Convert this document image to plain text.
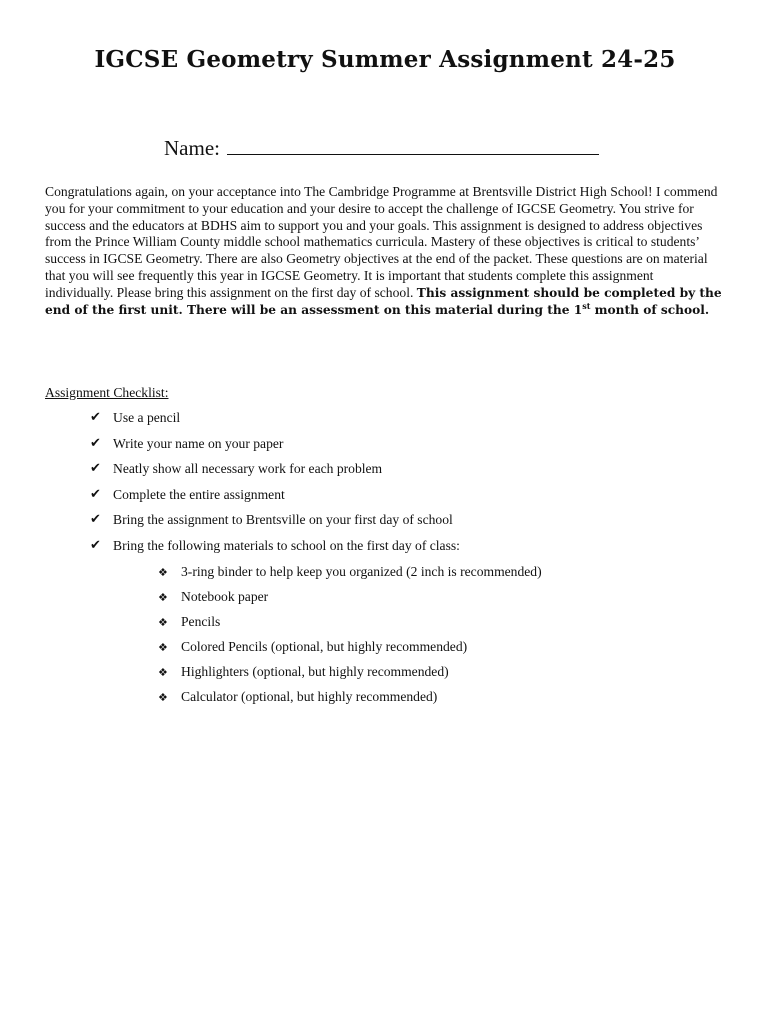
IGCSE Geometry Summer Assignment 24-25
Name:

Congratulations again, on your acceptance into The Cambridge Programme at Brentsville District High School! I commend you for your commitment to your education and your desire to accept the challenge of IGCSE Geometry. You strive for success and the educators at BDHS aim to support you and your goals. This assignment is designed to address objectives from the Prince William County middle school mathematics curricula. Mastery of these objectives is critical to students’ success in IGCSE Geometry. There are also Geometry objectives at the end of the packet. These questions are on material that you will see frequently this year in IGCSE Geometry. It is important that students complete this assignment individually. Please bring this assignment on the first day of school. This assignment should be completed by the end of the first unit. There will be an assessment on this material during the 1st month of school.

Assignment Checklist:

✔ Use a pencil
✔ Write your name on your paper
✔ Neatly show all necessary work for each problem
✔ Complete the entire assignment
✔ Bring the assignment to Brentsville on your first day of school
✔ Bring the following materials to school on the first day of class:
❖ 3-ring binder to help keep you organized (2 inch is recommended)
❖ Notebook paper
❖ Pencils
❖ Colored Pencils (optional, but highly recommended)
❖ Highlighters (optional, but highly recommended)
❖ Calculator (optional, but highly recommended)
